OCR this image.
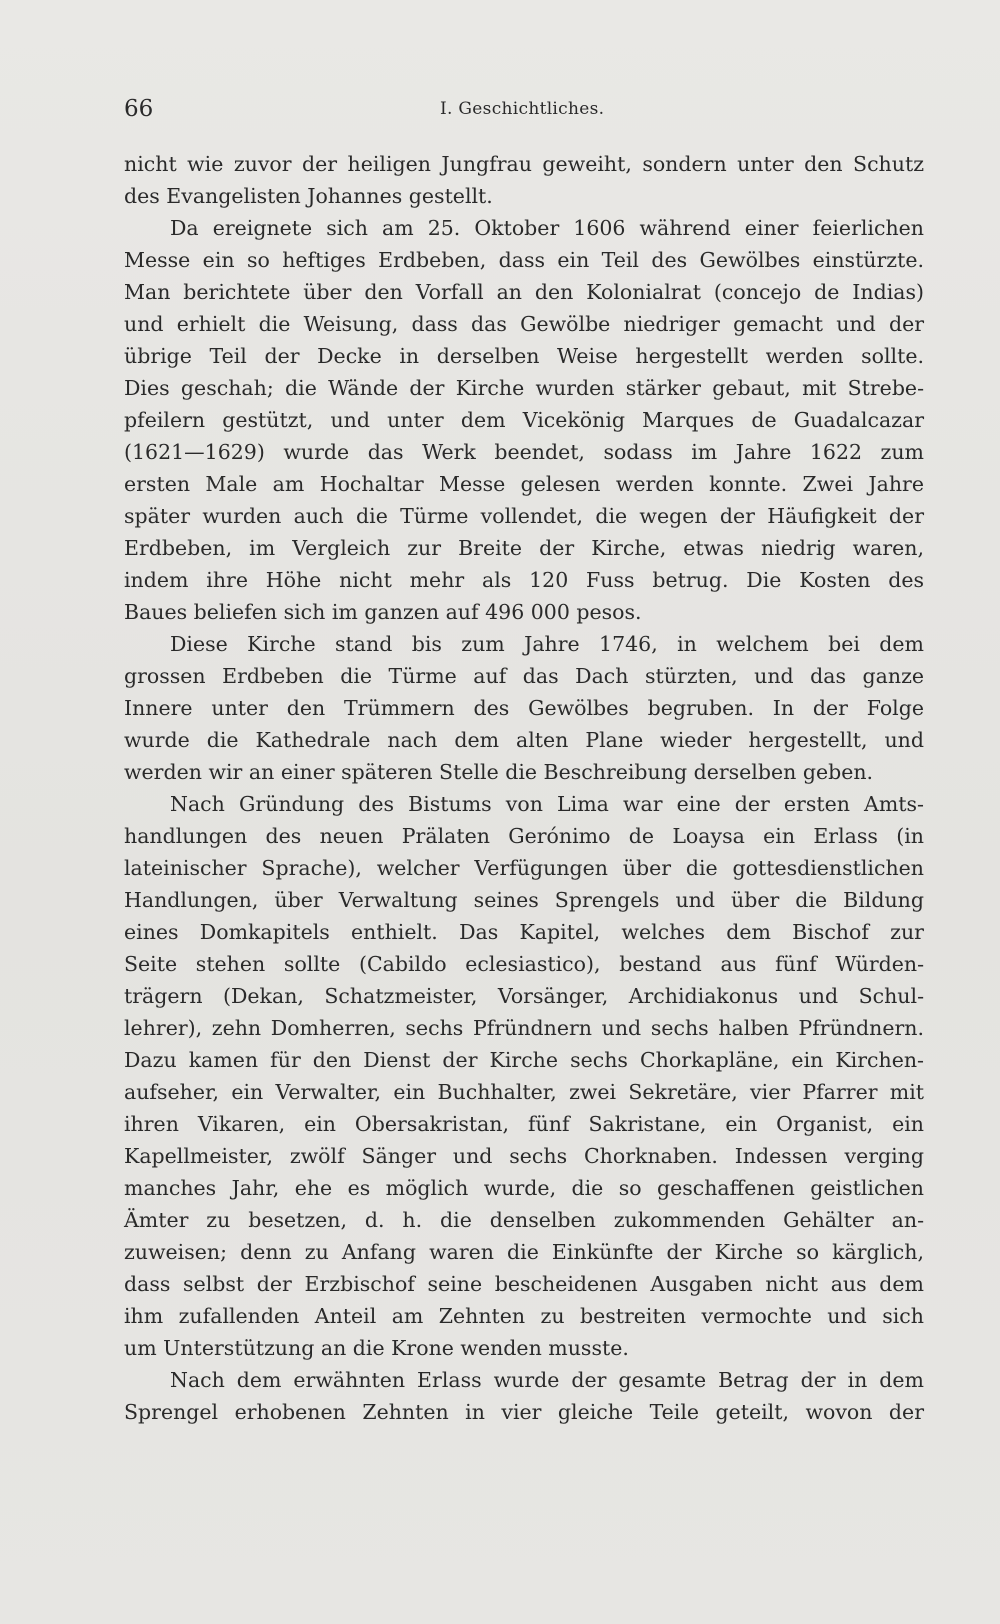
66	I. Geschichtliches.
nicht wie zuvor der heiligen Jungfrau geweiht, sondern unter den Schutz
des Evangelisten Johannes gestellt.
Da ereignete sich am 25. Oktober 1606 während einer feierlichen
Messe ein so heftiges Erdbeben, dass ein Teil des Gewölbes einstürzte.
Man berichtete über den Vorfall an den Kolonialrat (concejo de Indias)
und erhielt die Weisung, dass das Gewölbe niedriger gemacht und der
übrige Teil der Decke in derselben Weise hergestellt werden sollte.
Dies geschah; die Wände der Kirche wurden stärker gebaut, mit Strebe-
pfeilern gestützt, und unter dem Vicekönig Marques de Guadalcazar
(1621—1629) wurde das Werk beendet, sodass im Jahre 1622 zum
ersten Male am Hochaltar Messe gelesen werden konnte. Zwei Jahre
später wurden auch die Türme vollendet, die wegen der Häufigkeit der
Erdbeben, im Vergleich zur Breite der Kirche, etwas niedrig waren,
indem ihre Höhe nicht mehr als 120 Fuss betrug. Die Kosten des
Baues beliefen sich im ganzen auf 496 000 pesos.
Diese Kirche stand bis zum Jahre 1746, in welchem bei dem
grossen Erdbeben die Türme auf das Dach stürzten, und das ganze
Innere unter den Trümmern des Gewölbes begruben. In der Folge
wurde die Kathedrale nach dem alten Plane wieder hergestellt, und
werden wir an einer späteren Stelle die Beschreibung derselben geben.
Nach Gründung des Bistums von Lima war eine der ersten Amts-
handlungen des neuen Prälaten Gerónimo de Loaysa ein Erlass (in
lateinischer Sprache), welcher Verfügungen über die gottesdienstlichen
Handlungen, über Verwaltung seines Sprengels und über die Bildung
eines Domkapitels enthielt. Das Kapitel, welches dem Bischof zur
Seite stehen sollte (Cabildo eclesiastico), bestand aus fünf Würden-
trägern (Dekan, Schatzmeister, Vorsänger, Archidiakonus und Schul-
lehrer), zehn Domherren, sechs Pfründnern und sechs halben Pfründnern.
Dazu kamen für den Dienst der Kirche sechs Chorkapläne, ein Kirchen-
aufseher, ein Verwalter, ein Buchhalter, zwei Sekretäre, vier Pfarrer mit
ihren Vikaren, ein Obersakristan, fünf Sakristane, ein Organist, ein
Kapellmeister, zwölf Sänger und sechs Chorknaben. Indessen verging
manches Jahr, ehe es möglich wurde, die so geschaffenen geistlichen
Ämter zu besetzen, d. h. die denselben zukommenden Gehälter an-
zuweisen; denn zu Anfang waren die Einkünfte der Kirche so kärglich,
dass selbst der Erzbischof seine bescheidenen Ausgaben nicht aus dem
ihm zufallenden Anteil am Zehnten zu bestreiten vermochte und sich
um Unterstützung an die Krone wenden musste.
Nach dem erwähnten Erlass wurde der gesamte Betrag der in dem
Sprengel erhobenen Zehnten in vier gleiche Teile geteilt, wovon der
